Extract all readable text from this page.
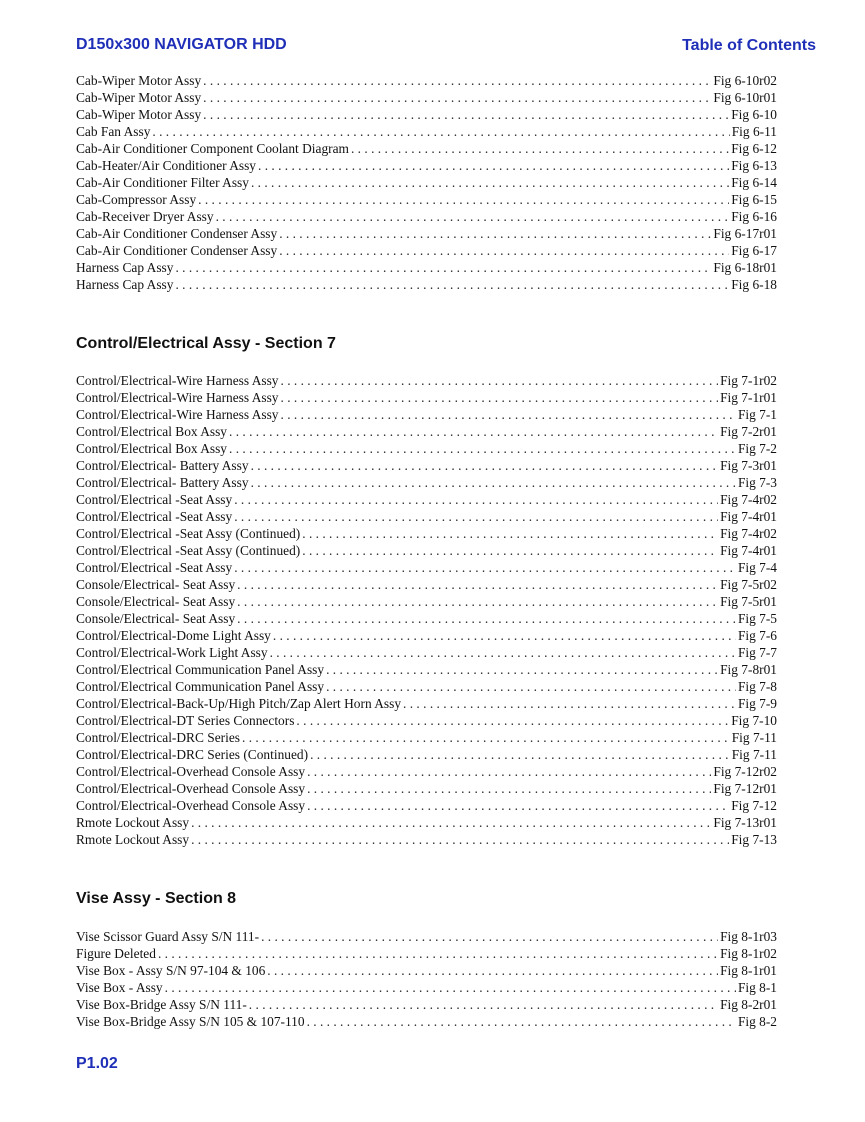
D150x300 NAVIGATOR HDD	Table of Contents
Cab-Wiper Motor Assy . . .	Fig 6-10r02
Cab-Wiper Motor Assy . . .	Fig 6-10r01
Cab-Wiper Motor Assy . . .	Fig 6-10
Cab Fan Assy . . .	Fig 6-11
Cab-Air Conditioner Component Coolant Diagram . . .	Fig 6-12
Cab-Heater/Air Conditioner Assy . . .	Fig 6-13
Cab-Air Conditioner Filter Assy . . .	Fig 6-14
Cab-Compressor Assy . . .	Fig 6-15
Cab-Receiver Dryer Assy . . .	Fig 6-16
Cab-Air Conditioner Condenser Assy . . .	Fig 6-17r01
Cab-Air Conditioner Condenser Assy . . .	Fig 6-17
Harness Cap Assy . . .	Fig 6-18r01
Harness Cap Assy . . .	Fig 6-18
Control/Electrical Assy - Section 7
Control/Electrical-Wire Harness Assy . . .	Fig 7-1r02
Control/Electrical-Wire Harness Assy . . .	Fig 7-1r01
Control/Electrical-Wire Harness Assy . . .	Fig 7-1
Control/Electrical Box Assy . . .	Fig 7-2r01
Control/Electrical Box Assy . . .	Fig 7-2
Control/Electrical- Battery Assy . . .	Fig 7-3r01
Control/Electrical- Battery Assy . . .	Fig 7-3
Control/Electrical -Seat Assy . . .	Fig 7-4r02
Control/Electrical -Seat Assy . . .	Fig 7-4r01
Control/Electrical -Seat Assy (Continued) . . .	Fig 7-4r02
Control/Electrical -Seat Assy (Continued) . . .	Fig 7-4r01
Control/Electrical -Seat Assy . . .	Fig 7-4
Console/Electrical- Seat Assy . . .	Fig 7-5r02
Console/Electrical- Seat Assy . . .	Fig 7-5r01
Console/Electrical- Seat Assy . . .	Fig 7-5
Control/Electrical-Dome Light Assy . . .	Fig 7-6
Control/Electrical-Work Light Assy . . .	Fig 7-7
Control/Electrical Communication Panel Assy . . .	Fig 7-8r01
Control/Electrical Communication Panel Assy . . .	Fig 7-8
Control/Electrical-Back-Up/High Pitch/Zap Alert Horn Assy . . .	Fig 7-9
Control/Electrical-DT Series Connectors . . .	Fig 7-10
Control/Electrical-DRC Series . . .	Fig 7-11
Control/Electrical-DRC Series (Continued) . . .	Fig 7-11
Control/Electrical-Overhead Console Assy . . .	Fig 7-12r02
Control/Electrical-Overhead Console Assy . . .	Fig 7-12r01
Control/Electrical-Overhead Console Assy . . .	Fig 7-12
Rmote Lockout Assy . . .	Fig 7-13r01
Rmote Lockout Assy . . .	Fig 7-13
Vise Assy - Section 8
Vise Scissor Guard Assy S/N 111- . . .	Fig 8-1r03
Figure Deleted . . .	Fig 8-1r02
Vise Box - Assy S/N 97-104 & 106 . . .	Fig 8-1r01
Vise Box - Assy . . .	Fig 8-1
Vise Box-Bridge Assy S/N 111- . . .	Fig 8-2r01
Vise Box-Bridge Assy S/N 105 & 107-110 . . .	Fig 8-2
P1.02
